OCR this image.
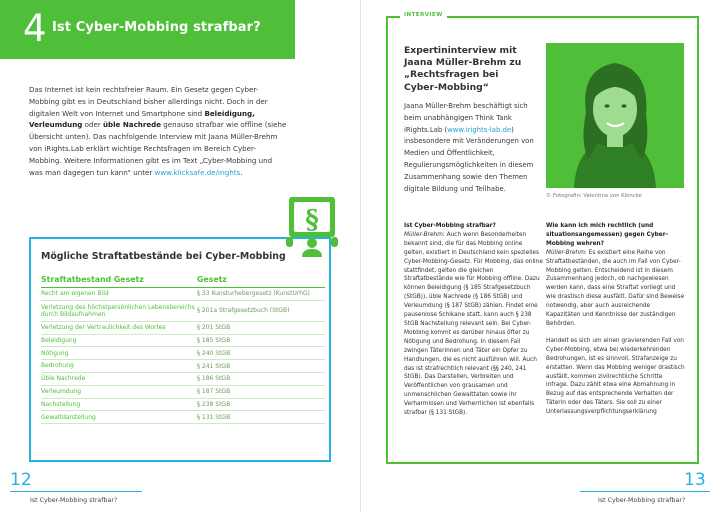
4 Ist Cyber-Mobbing strafbar?
Das Internet ist kein rechtsfreier Raum. Ein Gesetz gegen Cyber-Mobbing gibt es in Deutschland bisher allerdings nicht. Doch in der digitalen Welt von Internet und Smartphone sind Beleidigung, Verleumdung oder üble Nachrede genauso strafbar wie offline (siehe Übersicht unten). Das nachfolgende Interview mit Jaana Müller-Brehm von iRights.Lab erklärt wichtige Rechtsfragen im Bereich Cyber-Mobbing. Weitere Informationen gibt es im Text „Cyber-Mobbing und was man dagegen tun kann“ unter www.klicksafe.de/irights.
Mögliche Straftatbestände bei Cyber-Mobbing
Straftatbestand Gesetz	Gesetz
Recht am eigenen Bild	§ 33 Kunsturhebergesetz (KunstUrhG)
Verletzung des höchstpersönlichen Lebensbereichs durch Bildaufnahmen	§ 201a Strafgesetzbuch (StGB)
Verletzung der Vertraulichkeit des Wortes	§ 201 StGB
Beleidigung	§ 185 StGB
Nötigung	§ 240 StGB
Bedrohung	§ 241 StGB
Üble Nachrede	§ 186 StGB
Verleumdung	§ 187 StGB
Nachstellung	§ 238 StGB
Gewaltdarstellung	§ 131 StGB
§
12
Ist Cyber-Mobbing strafbar?
INTERVIEW
Expertininterview mit Jaana Müller-Brehm zu „Rechtsfragen bei Cyber-Mobbing“
Jaana Müller-Brehm beschäftigt sich beim unabhängigen Think Tank iRights.Lab (www.irights-lab.de) insbesondere mit Veränderungen von Medien und Öffentlichkeit, Regulierungsmöglichkeiten in diesem Zusammenhang sowie den Themen digitale Bildung und Teilhabe.
© Fotografin: Valentina von Klencke

Ist Cyber-Mobbing strafbar?
Müller-Brehm: Auch wenn Besonderheiten bekannt sind, die für das Mobbing online gelten, existiert in Deutschland kein spezielles Cyber-Mobbing-Gesetz. Für Mobbing, das online stattfindet, gelten die gleichen Straftatbestände wie für Mobbing offline. Dazu können Beleidigung (§ 185 Strafgesetzbuch (StGB)), üble Nachrede (§ 186 StGB) und Verleumdung (§ 187 StGB) zählen. Findet eine pausenlose Schikane statt, kann auch § 238 StGB Nachstellung relevant sein. Bei Cyber-Mobbing kommt es darüber hinaus öfter zu Nötigung und Bedrohung. In diesem Fall zwingen Täterinnen und Täter ein Opfer zu Handlungen, die es nicht ausführen will. Auch das ist strafrechtlich relevant (§§ 240, 241 StGB). Das Darstellen, Verbreiten und Veröffentlichen von grausamen und unmenschlichen Gewalttaten sowie ihr Verharmlosen und Verherrlichen ist ebenfalls strafbar (§ 131 StGB).

Wie kann ich mich rechtlich (und situationsangemessen) gegen Cyber-Mobbing wehren?
Müller-Brehm: Es existiert eine Reihe von Straftatbeständen, die auch im Fall von Cyber-Mobbing gelten. Entscheidend ist in diesem Zusammenhang jedoch, ob nachgewiesen werden kann, dass eine Straftat vorliegt und wie drastisch diese ausfällt. Dafür sind Beweise notwendig, aber auch ausreichende Kapazitäten und Kenntnisse der zuständigen Behörden.

Handelt es sich um einen gravierenden Fall von Cyber-Mobbing, etwa bei wiederkehrenden Bedrohungen, ist es sinnvoll, Strafanzeige zu erstatten. Wenn das Mobbing weniger drastisch ausfällt, kommen zivilrechtliche Schritte infrage. Dazu zählt etwa eine Abmahnung in Bezug auf das entsprechende Verhalten der Täterin oder des Täters. Sie soll zu einer Unterlassungsverpflichtungserklärung

13
Ist Cyber-Mobbing strafbar?
